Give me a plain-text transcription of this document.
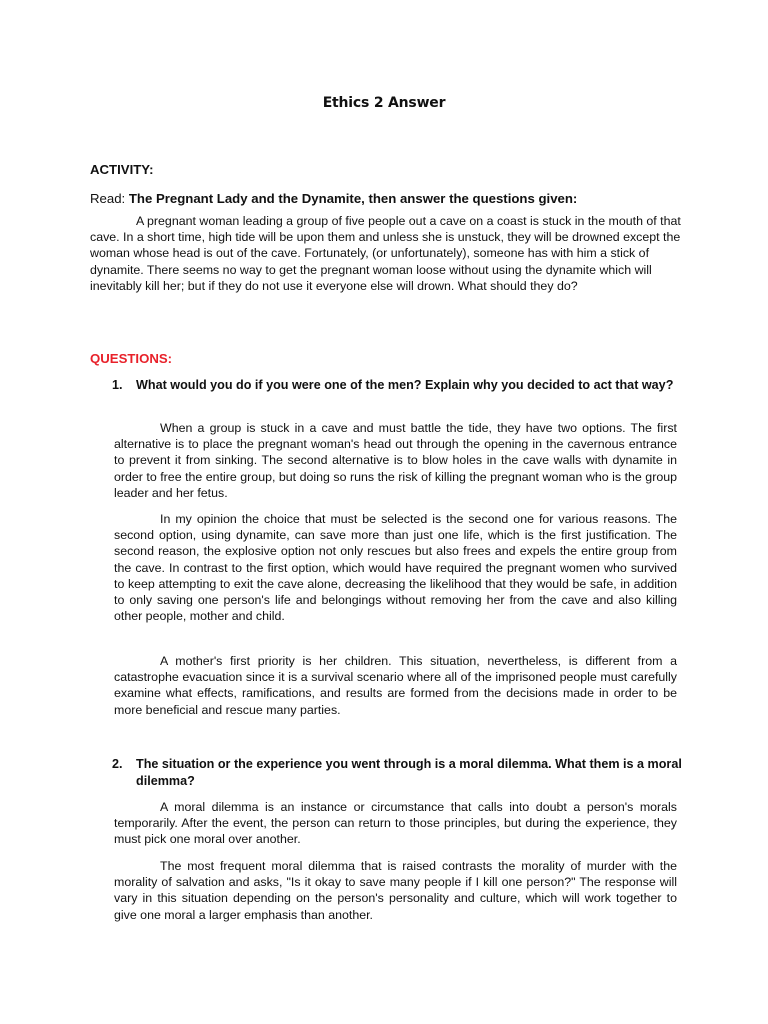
Ethics 2 Answer
ACTIVITY:
Read: The Pregnant Lady and the Dynamite, then answer the questions given:

A pregnant woman leading a group of five people out a cave on a coast is stuck in the mouth of that cave. In a short time, high tide will be upon them and unless she is unstuck, they will be drowned except the woman whose head is out of the cave. Fortunately, (or unfortunately), someone has with him a stick of dynamite. There seems no way to get the pregnant woman loose without using the dynamite which will inevitably kill her; but if they do not use it everyone else will drown. What should they do?

QUESTIONS:
1.	What would you do if you were one of the men? Explain why you decided to act that way?

When a group is stuck in a cave and must battle the tide, they have two options. The first alternative is to place the pregnant woman's head out through the opening in the cavernous entrance to prevent it from sinking. The second alternative is to blow holes in the cave walls with dynamite in order to free the entire group, but doing so runs the risk of killing the pregnant woman who is the group leader and her fetus.

In my opinion the choice that must be selected is the second one for various reasons. The second option, using dynamite, can save more than just one life, which is the first justification. The second reason, the explosive option not only rescues but also frees and expels the entire group from the cave. In contrast to the first option, which would have required the pregnant women who survived to keep attempting to exit the cave alone, decreasing the likelihood that they would be safe, in addition to only saving one person's life and belongings without removing her from the cave and also killing other people, mother and child.

A mother's first priority is her children. This situation, nevertheless, is different from a catastrophe evacuation since it is a survival scenario where all of the imprisoned people must carefully examine what effects, ramifications, and results are formed from the decisions made in order to be more beneficial and rescue many parties.

2.	The situation or the experience you went through is a moral dilemma. What them is a moral dilemma?

A moral dilemma is an instance or circumstance that calls into doubt a person's morals temporarily. After the event, the person can return to those principles, but during the experience, they must pick one moral over another.

The most frequent moral dilemma that is raised contrasts the morality of murder with the morality of salvation and asks, "Is it okay to save many people if I kill one person?" The response will vary in this situation depending on the person's personality and culture, which will work together to give one moral a larger emphasis than another.
